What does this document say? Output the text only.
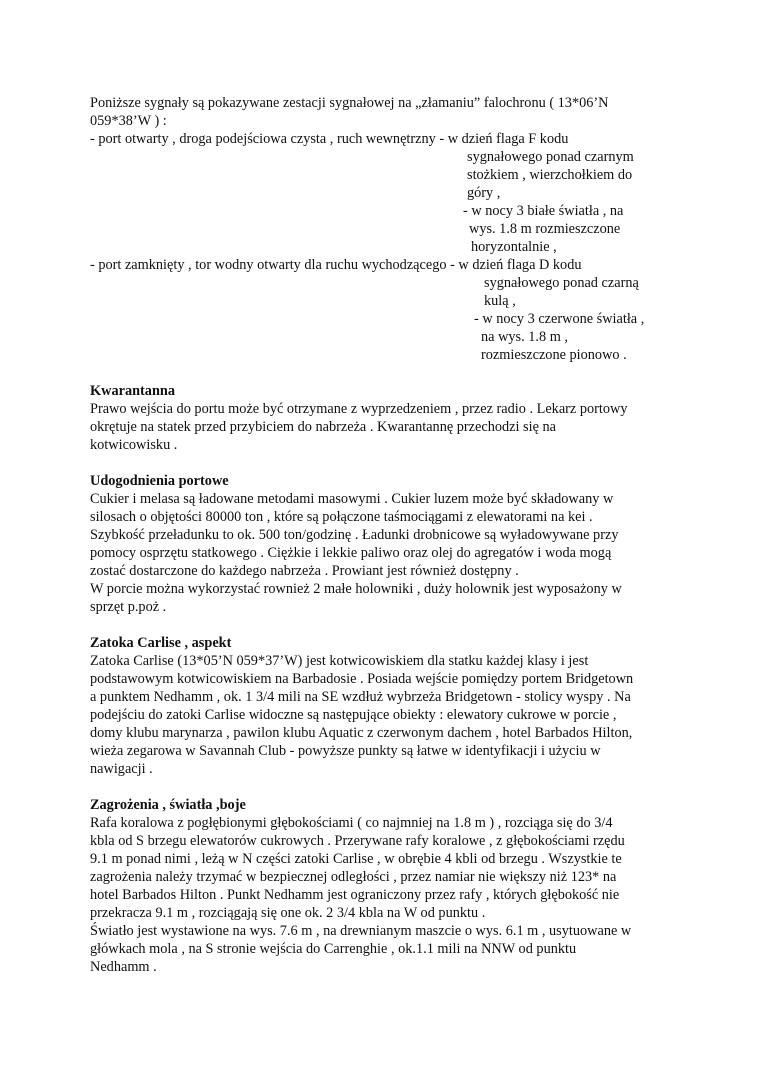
Poniższe sygnały są pokazywane zestacji sygnałowej na „złamaniu” falochronu ( 13*06’N
059*38’W ) :
- port otwarty , droga podejściowa czysta , ruch wewnętrzny - w dzień flaga F kodu
sygnałowego ponad czarnym
stożkiem , wierzchołkiem do
góry ,
- w nocy 3 białe światła , na
wys. 1.8 m rozmieszczone
horyzontalnie ,
- port zamknięty , tor wodny otwarty dla ruchu wychodzącego - w dzień flaga D kodu
sygnałowego ponad czarną
kulą ,
- w nocy 3 czerwone światła ,
na wys. 1.8 m ,
rozmieszczone pionowo .
Kwarantanna
Prawo wejścia do portu może być otrzymane z wyprzedzeniem , przez radio . Lekarz portowy
okrętuje na statek przed przybiciem do nabrzeża . Kwarantannę przechodzi się na
kotwicowisku .
Udogodnienia portowe
Cukier i melasa są ładowane metodami masowymi . Cukier luzem może być składowany w
silosach o objętości 80000 ton , które są połączone taśmociągami z elewatorami na kei .
Szybkość przeładunku to ok. 500 ton/godzinę . Ładunki drobnicowe są wyładowywane przy
pomocy osprzętu statkowego . Ciężkie i lekkie paliwo oraz olej do agregatów i woda mogą
zostać dostarczone do każdego nabrzeża . Prowiant jest również dostępny .
W porcie można wykorzystać rownież 2 małe holowniki , duży holownik jest wyposażony w
sprzęt p.poż .
Zatoka Carlise , aspekt
Zatoka Carlise (13*05’N 059*37’W) jest kotwicowiskiem dla statku każdej klasy i jest
podstawowym kotwicowiskiem na Barbadosie . Posiada wejście pomiędzy portem Bridgetown
a punktem Nedhamm , ok. 1 3/4 mili na SE wzdłuż wybrzeża Bridgetown - stolicy wyspy . Na
podejściu do zatoki Carlise widoczne są następujące obiekty : elewatory cukrowe w porcie ,
domy klubu marynarza , pawilon klubu Aquatic z czerwonym dachem , hotel Barbados Hilton,
wieża zegarowa w Savannah Club - powyższe punkty są łatwe w identyfikacji i użyciu w
nawigacji .
Zagrożenia , światła ,boje
Rafa koralowa z pogłębionymi głębokościami ( co najmniej na 1.8 m ) , rozciąga się do 3/4
kbla od S brzegu elewatorów cukrowych . Przerywane rafy koralowe , z głębokościami rzędu
9.1 m ponad nimi , leżą w N części zatoki Carlise , w obrębie 4 kbli od brzegu . Wszystkie te
zagrożenia należy trzymać w bezpiecznej odległości , przez namiar nie większy niż 123* na
hotel Barbados Hilton . Punkt Nedhamm jest ograniczony przez rafy , których głębokość nie
przekracza 9.1 m , rozciągają się one ok. 2 3/4 kbla na W od punktu .
Światło jest wystawione na wys. 7.6 m , na drewnianym maszcie o wys. 6.1 m , usytuowane w
główkach mola , na S stronie wejścia do Carrenghie , ok.1.1 mili na NNW od punktu
Nedhamm .
